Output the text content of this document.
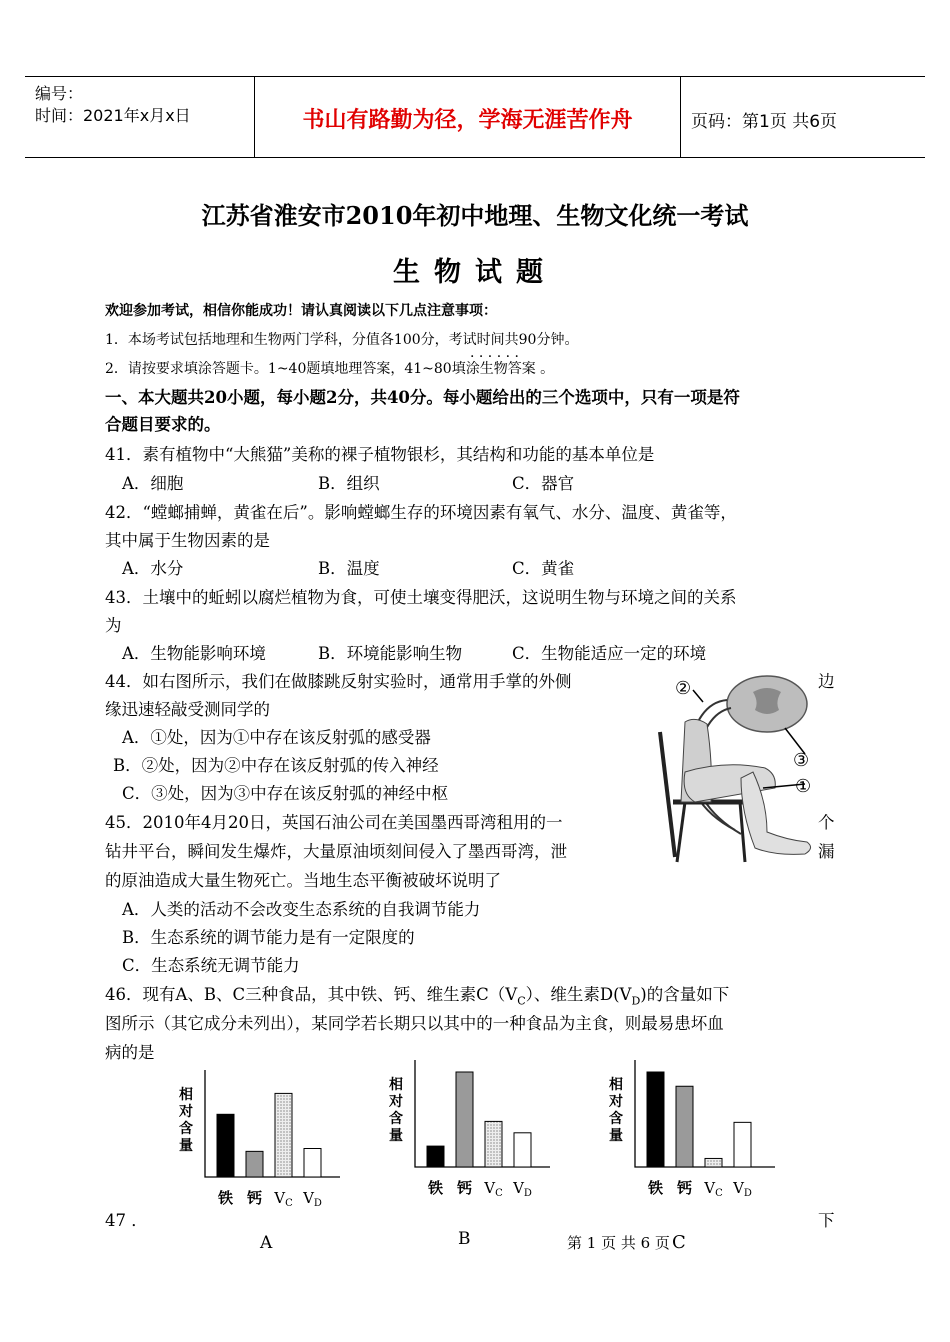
编号：
时间：2021年x月x日	书山有路勤为径，学海无涯苦作舟	页码：第1页 共6页
江苏省淮安市2010年初中地理、生物文化统一考试
生物试题
欢迎参加考试，相信你能成功！请认真阅读以下几点注意事项：
1．本场考试包括地理和生物两门学科，分值各100分，考试时间共90分钟。
2．请按要求填涂答题卡。1~40题填地理答案，41~80填涂生物答案 。
· · · · · ·
一、本大题共20小题，每小题2分，共40分。每小题给出的三个选项中，只有一项是符
合题目要求的。
41．素有植物中“大熊猫”美称的裸子植物银杉，其结构和功能的基本单位是
A．细胞	B．组织	C．器官
42．“螳螂捕蝉，黄雀在后”。影响螳螂生存的环境因素有氧气、水分、温度、黄雀等，
其中属于生物因素的是
A．水分	B．温度	C．黄雀
43．土壤中的蚯蚓以腐烂植物为食，可使土壤变得肥沃，这说明生物与环境之间的关系
为
A．生物能影响环境	B．环境能影响生物	C．生物能适应一定的环境
44．如右图所示，我们在做膝跳反射实验时，通常用手掌的外侧	边
缘迅速轻敲受测同学的
A．①处，因为①中存在该反射弧的感受器
B．②处，因为②中存在该反射弧的传入神经
C．③处，因为③中存在该反射弧的神经中枢
②
③
①
45．2010年4月20日，英国石油公司在美国墨西哥湾租用的一	个
钻井平台，瞬间发生爆炸，大量原油顷刻间侵入了墨西哥湾，泄	漏
的原油造成大量生物死亡。当地生态平衡被破坏说明了
A．人类的活动不会改变生态系统的自我调节能力
B．生态系统的调节能力是有一定限度的
C．生态系统无调节能力
46．现有A、B、C三种食品，其中铁、钙、维生素$C(V_C)$、维生素$D(V_D)$的含量如下
图所示（其它成分未列出），某同学若长期只以其中的一种食品为主食，则最易患坏血
病的是
相对含量
铁 钙 $V_C$ $V_D$
相对含量
铁 钙 $V_C$ $V_D$
相对含量
铁 钙 $V_C$ $V_D$
47 ．	下
A	B	第 1 页 共 6 页 C
